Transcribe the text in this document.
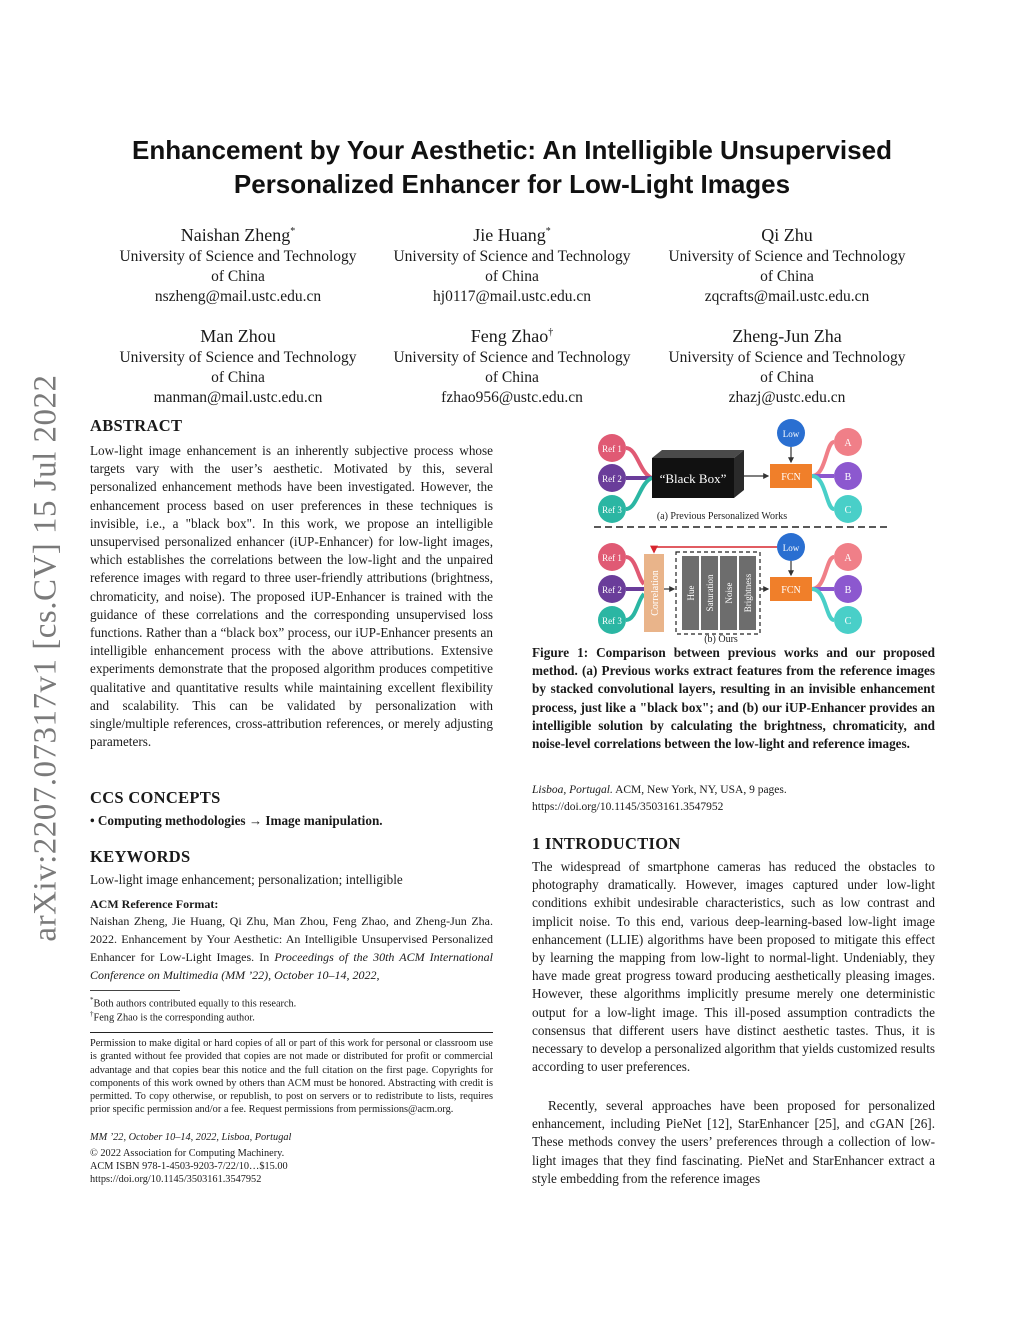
Enhancement by Your Aesthetic: An Intelligible Unsupervised
Personalized Enhancer for Low-Light Images
Naishan Zheng*
University of Science and Technology
of China
nszheng@mail.ustc.edu.cn
Jie Huang*
University of Science and Technology
of China
hj0117@mail.ustc.edu.cn
Qi Zhu
University of Science and Technology
of China
zqcrafts@mail.ustc.edu.cn
Man Zhou
University of Science and Technology
of China
manman@mail.ustc.edu.cn
Feng Zhao†
University of Science and Technology
of China
fzhao956@ustc.edu.cn
Zheng-Jun Zha
University of Science and Technology
of China
zhazj@ustc.edu.cn
arXiv:2207.07317v1 [cs.CV] 15 Jul 2022 ABSTRACT
Low-light image enhancement is an inherently subjective process whose targets vary with the user’s aesthetic. Motivated by this, several personalized enhancement methods have been investigated. However, the enhancement process based on user preferences in these techniques is invisible, i.e., a "black box". In this work, we propose an intelligible unsupervised personalized enhancer (iUP-Enhancer) for low-light images, which establishes the correlations between the low-light and the unpaired reference images with regard to three user-friendly attributions (brightness, chromaticity, and noise). The proposed iUP-Enhancer is trained with the guidance of these correlations and the corresponding unsupervised loss functions. Rather than a “black box” process, our iUP-Enhancer presents an intelligible enhancement process with the above attributions. Extensive experiments demonstrate that the proposed algorithm produces competitive qualitative and quantitative results while maintaining excellent flexibility and scalability. This can be validated by personalization with single/multiple references, cross-attribution references, or merely adjusting parameters.
CCS CONCEPTS
• Computing methodologies → Image manipulation.
KEYWORDS
Low-light image enhancement; personalization; intelligible
ACM Reference Format:
Naishan Zheng, Jie Huang, Qi Zhu, Man Zhou, Feng Zhao, and Zheng-Jun Zha. 2022. Enhancement by Your Aesthetic: An Intelligible Unsupervised Personalized Enhancer for Low-Light Images. In Proceedings of the 30th ACM International Conference on Multimedia (MM ’22), October 10–14, 2022,
*Both authors contributed equally to this research.
†Feng Zhao is the corresponding author.
Permission to make digital or hard copies of all or part of this work for personal or classroom use is granted without fee provided that copies are not made or distributed for profit or commercial advantage and that copies bear this notice and the full citation on the first page. Copyrights for components of this work owned by others than ACM must be honored. Abstracting with credit is permitted. To copy otherwise, or republish, to post on servers or to redistribute to lists, requires prior specific permission and/or a fee. Request permissions from permissions@acm.org.
MM ’22, October 10–14, 2022, Lisboa, Portugal
© 2022 Association for Computing Machinery.
ACM ISBN 978-1-4503-9203-7/22/10…$15.00
https://doi.org/10.1145/3503161.3547952
Ref 1
Ref 2
Ref 3
“Black Box”	FCN
Low
A
B
C
(a) Previous Personalized Works
Ref 1
Ref 2
Ref 3
Correlation	Hue Saturation Noise Brightness	FCN
Low
A
B
C
(b) Ours
Figure 1: Comparison between previous works and our proposed method. (a) Previous works extract features from the reference images by stacked convolutional layers, resulting in an invisible enhancement process, just like a "black box"; and (b) our iUP-Enhancer provides an intelligible solution by calculating the brightness, chromaticity, and noise-level correlations between the low-light and reference images.
Lisboa, Portugal. ACM, New York, NY, USA, 9 pages. https://doi.org/10.1145/3503161.3547952
1 INTRODUCTION
The widespread of smartphone cameras has reduced the obstacles to photography dramatically. However, images captured under low-light conditions exhibit undesirable characteristics, such as low contrast and implicit noise. To this end, various deep-learning-based low-light image enhancement (LLIE) algorithms have been proposed to mitigate this effect by learning the mapping from low-light to normal-light. Undeniably, they have made great progress toward producing aesthetically pleasing images. However, these algorithms implicitly presume merely one deterministic output for a low-light image. This ill-posed assumption contradicts the consensus that different users have distinct aesthetic tastes. Thus, it is necessary to develop a personalized algorithm that yields customized results according to user preferences.
Recently, several approaches have been proposed for personalized enhancement, including PieNet [12], StarEnhancer [25], and cGAN [26]. These methods convey the users’ preferences through a collection of low-light images that they find fascinating. PieNet and StarEnhancer extract a style embedding from the reference images
